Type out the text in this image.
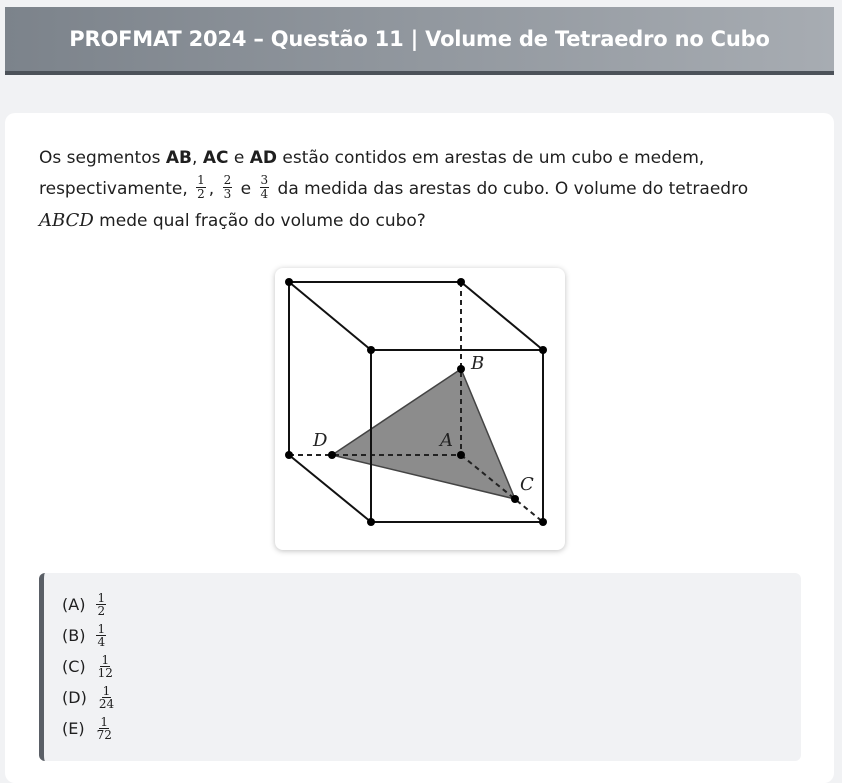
PROFMAT 2024 – Questão 11 | Volume de Tetraedro no Cubo
Os segmentos AB, AC e AD estão contidos em arestas de um cubo e medem, respectivamente, $\frac{1}{2}$ , $\frac{2}{3}$ e $\frac{3}{4}$ da medida das arestas do cubo. O volume do tetraedro ABCD mede qual fração do volume do cubo?
B
A
D
C
$(A) \frac{1}{2}$
$(B) \frac{1}{4}$
$(C) \frac{1}{12}$
$(D) \frac{1}{24}$
$(E) \frac{1}{72}$
